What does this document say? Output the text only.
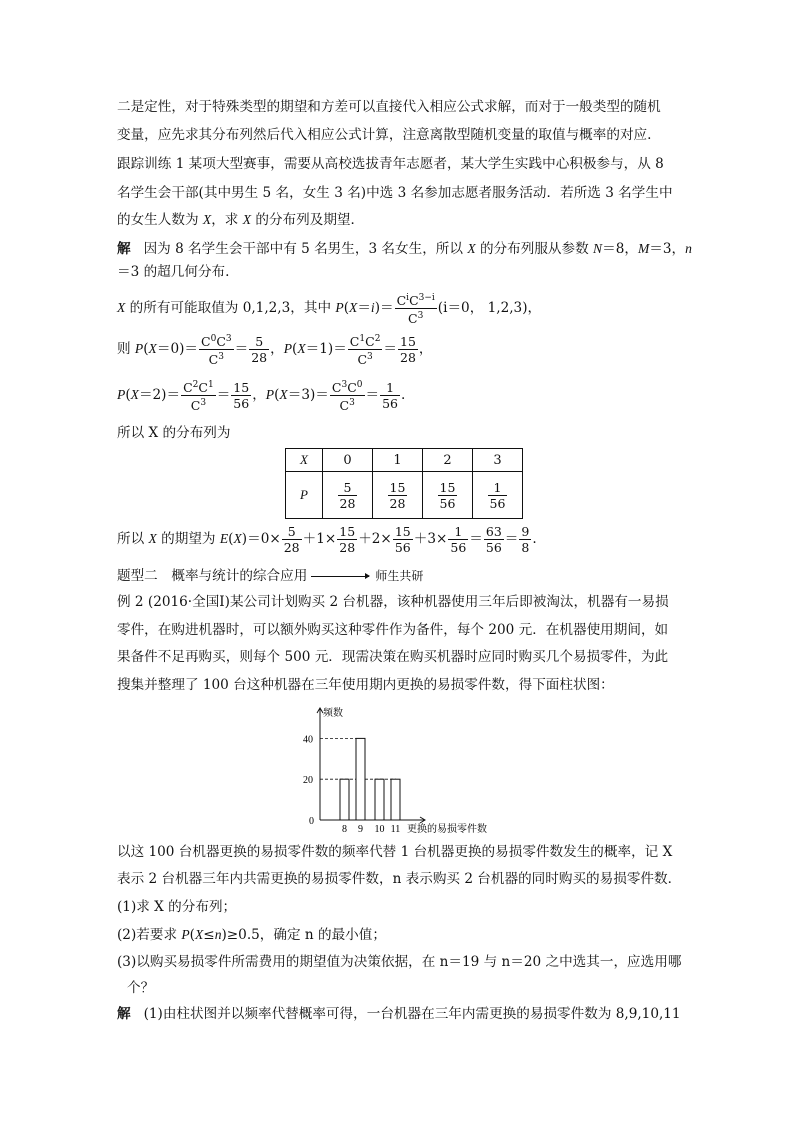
二是定性，对于特殊类型的期望和方差可以直接代入相应公式求解，而对于一般类型的随机
变量，应先求其分布列然后代入相应公式计算，注意离散型随机变量的取值与概率的对应.
跟踪训练 1 某项大型赛事，需要从高校选拔青年志愿者，某大学生实践中心积极参与，从 8
名学生会干部(其中男生 5 名，女生 3 名)中选 3 名参加志愿者服务活动．若所选 3 名学生中
的女生人数为 X，求 X 的分布列及期望．
解 因为 8 名学生会干部中有 5 名男生，3 名女生，所以 X 的分布列服从参数 N＝8，M＝3，n
＝3 的超几何分布.
X 的所有可能取值为 0,1,2,3，其中 $P(X=i)= \frac{C^iC^{3-i}}{C^3} (i=0$， 1,2,3)，
则 $P(X=0)= \frac{C^0C^3}{C^3} = \frac{5}{28}$ ，$P(X=1)= \frac{C^1C^2}{C^3} = \frac{15}{28}$ ，
$P(X=2)= \frac{C^2C^1}{C^3} = \frac{15}{56}$ ，$P(X=3)= \frac{C^3C^0}{C^3} = \frac{1}{56}$ .
所以 X 的分布列为
X	0	1	2	3
P	$\frac{5}{28}$	$\frac{15}{28}$	$\frac{15}{56}$	$\frac{1}{56}$
所以 X 的期望为 $E(X)=0\times \frac{5}{28} +1\times \frac{15}{28} +2\times \frac{15}{56} +3\times \frac{1}{56} = \frac{63}{56} = \frac{9}{8}$ .
题型二　概率与统计的综合应用	师生共研
例 2 (2016·全国Ⅰ)某公司计划购买 2 台机器，该种机器使用三年后即被淘汰，机器有一易损
零件，在购进机器时，可以额外购买这种零件作为备件，每个 200 元．在机器使用期间，如
果备件不足再购买，则每个 500 元．现需决策在购买机器时应同时购买几个易损零件，为此
搜集并整理了 100 台这种机器在三年使用期内更换的易损零件数，得下面柱状图：
频数
更换的易损零件数
0
20
40
8 9 10 11
以这 100 台机器更换的易损零件数的频率代替 1 台机器更换的易损零件数发生的概率，记 X
表示 2 台机器三年内共需更换的易损零件数，n 表示购买 2 台机器的同时购买的易损零件数．
(1)求 X 的分布列；
(2)若要求 P(X≤n)≥0.5，确定 n 的最小值；
(3)以购买易损零件所需费用的期望值为决策依据，在 n＝19 与 n＝20 之中选其一，应选用哪
个？
解 (1)由柱状图并以频率代替概率可得，一台机器在三年内需更换的易损零件数为 8,9,10,11
